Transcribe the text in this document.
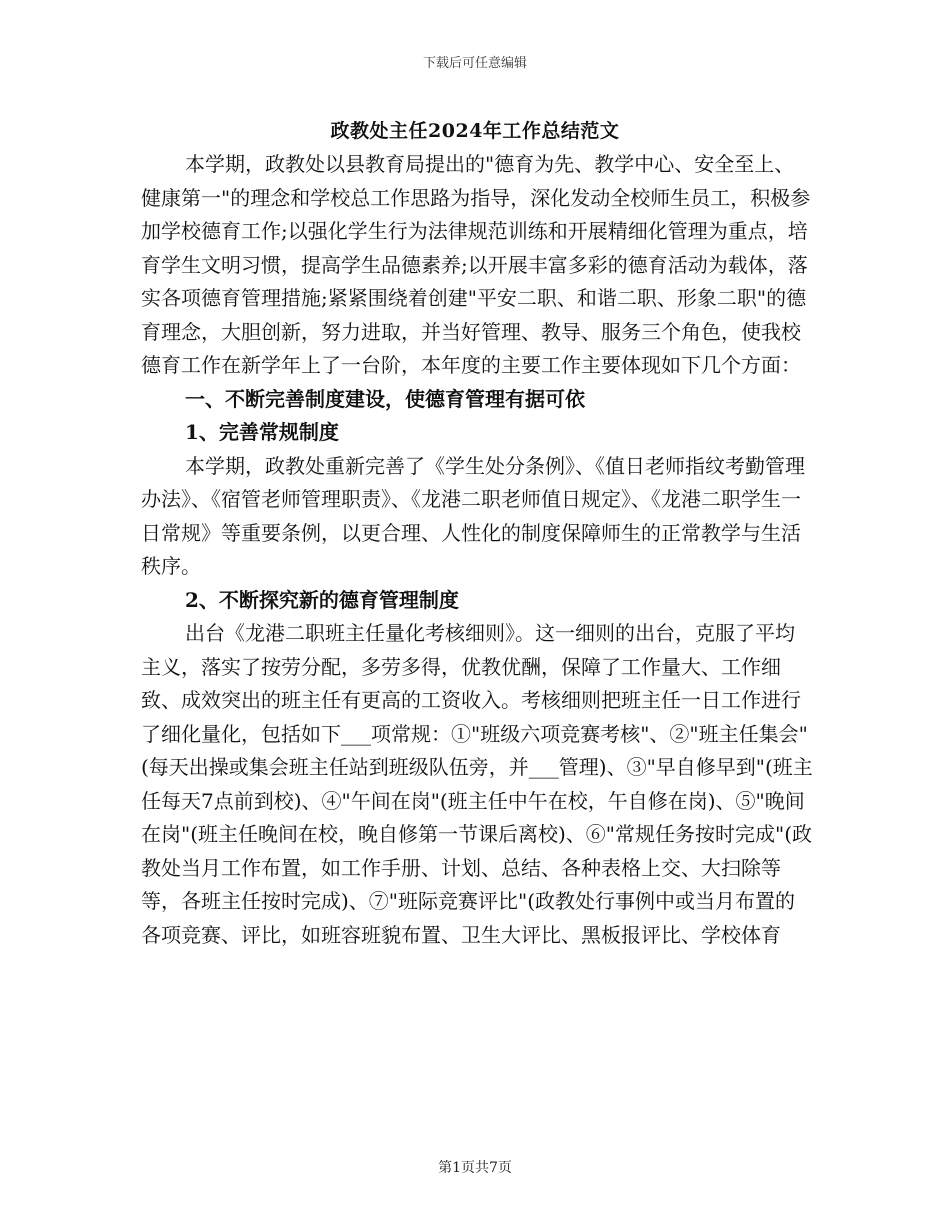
下载后可任意编辑
政教处主任2024年工作总结范文

本学期，政教处以县教育局提出的"德育为先、教学中心、安全至上、健康第一"的理念和学校总工作思路为指导，深化发动全校师生员工，积极参加学校德育工作;以强化学生行为法律规范训练和开展精细化管理为重点，培育学生文明习惯，提高学生品德素养;以开展丰富多彩的德育活动为载体，落实各项德育管理措施;紧紧围绕着创建"平安二职、和谐二职、形象二职"的德育理念，大胆创新，努力进取，并当好管理、教导、服务三个角色，使我校德育工作在新学年上了一台阶，本年度的主要工作主要体现如下几个方面：

一、不断完善制度建设，使德育管理有据可依

1、完善常规制度

本学期，政教处重新完善了《学生处分条例》、《值日老师指纹考勤管理办法》、《宿管老师管理职责》、《龙港二职老师值日规定》、《龙港二职学生一日常规》等重要条例，以更合理、人性化的制度保障师生的正常教学与生活秩序。

2、不断探究新的德育管理制度

出台《龙港二职班主任量化考核细则》。这一细则的出台，克服了平均主义，落实了按劳分配，多劳多得，优教优酬，保障了工作量大、工作细致、成效突出的班主任有更高的工资收入。考核细则把班主任一日工作进行了细化量化，包括如下___项常规：①"班级六项竞赛考核"、②"班主任集会"(每天出操或集会班主任站到班级队伍旁，并___管理)、③"早自修早到"(班主任每天7点前到校)、④"午间在岗"(班主任中午在校，午自修在岗)、⑤"晚间在岗"(班主任晚间在校，晚自修第一节课后离校)、⑥"常规任务按时完成"(政教处当月工作布置，如工作手册、计划、总结、各种表格上交、大扫除等等，各班主任按时完成)、⑦"班际竞赛评比"(政教处行事例中或当月布置的各项竞赛、评比，如班容班貌布置、卫生大评比、黑板报评比、学校体育

第1页共7页
